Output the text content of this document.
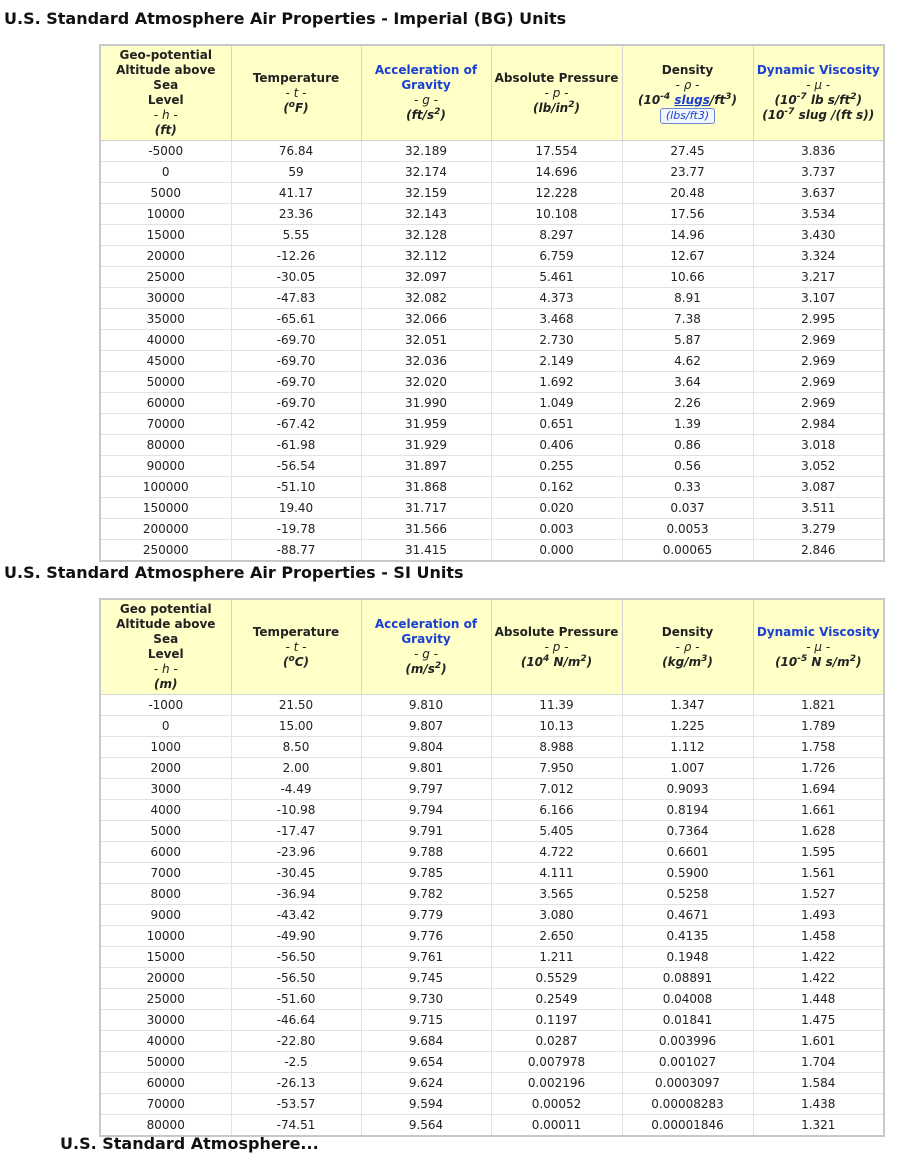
U.S. Standard Atmosphere Air Properties - Imperial (BG) Units
Geo-potential
Altitude above Sea
Level
- h -
(ft)	Temperature
- t -
($^o$F)	Acceleration of Gravity
- g -
$(ft/s^2)$	Absolute Pressure
- p -
$(lb/in^2)$	Density
- ρ -
($10^{-4}$ slugs/$ft^3$)
(lbs/ft3)	Dynamic Viscosity
- μ -
($10^{-7}$ lb $s/ft^2$)
($10^{-7}$ slug /(ft s))

-5000	76.84	32.189	17.554	27.45	3.836
0	59	32.174	14.696	23.77	3.737
5000	41.17	32.159	12.228	20.48	3.637
10000	23.36	32.143	10.108	17.56	3.534
15000	5.55	32.128	8.297	14.96	3.430
20000	-12.26	32.112	6.759	12.67	3.324
25000	-30.05	32.097	5.461	10.66	3.217
30000	-47.83	32.082	4.373	8.91	3.107
35000	-65.61	32.066	3.468	7.38	2.995
40000	-69.70	32.051	2.730	5.87	2.969
45000	-69.70	32.036	2.149	4.62	2.969
50000	-69.70	32.020	1.692	3.64	2.969
60000	-69.70	31.990	1.049	2.26	2.969
70000	-67.42	31.959	0.651	1.39	2.984
80000	-61.98	31.929	0.406	0.86	3.018
90000	-56.54	31.897	0.255	0.56	3.052
100000	-51.10	31.868	0.162	0.33	3.087
150000	19.40	31.717	0.020	0.037	3.511
200000	-19.78	31.566	0.003	0.0053	3.279
250000	-88.77	31.415	0.000	0.00065	2.846
U.S. Standard Atmosphere Air Properties - SI Units
Geo potential
Altitude above Sea
Level
- h -
(m)	Temperature
- t -
($^o$C)	Acceleration of Gravity
- g -
$(m/s^2)$	Absolute Pressure
- p -
($10^4$ $N/m^2$)	Density
- ρ -
$(kg/m^3)$	Dynamic Viscosity
- μ -
($10^{-5}$ N $s/m^2$)

-1000	21.50	9.810	11.39	1.347	1.821
0	15.00	9.807	10.13	1.225	1.789
1000	8.50	9.804	8.988	1.112	1.758
2000	2.00	9.801	7.950	1.007	1.726
3000	-4.49	9.797	7.012	0.9093	1.694
4000	-10.98	9.794	6.166	0.8194	1.661
5000	-17.47	9.791	5.405	0.7364	1.628
6000	-23.96	9.788	4.722	0.6601	1.595
7000	-30.45	9.785	4.111	0.5900	1.561
8000	-36.94	9.782	3.565	0.5258	1.527
9000	-43.42	9.779	3.080	0.4671	1.493
10000	-49.90	9.776	2.650	0.4135	1.458
15000	-56.50	9.761	1.211	0.1948	1.422
20000	-56.50	9.745	0.5529	0.08891	1.422
25000	-51.60	9.730	0.2549	0.04008	1.448
30000	-46.64	9.715	0.1197	0.01841	1.475
40000	-22.80	9.684	0.0287	0.003996	1.601
50000	-2.5	9.654	0.007978	0.001027	1.704
60000	-26.13	9.624	0.002196	0.0003097	1.584
70000	-53.57	9.594	0.00052	0.00008283	1.438
80000	-74.51	9.564	0.00011	0.00001846	1.321
U.S. Standard Atmosphere...
